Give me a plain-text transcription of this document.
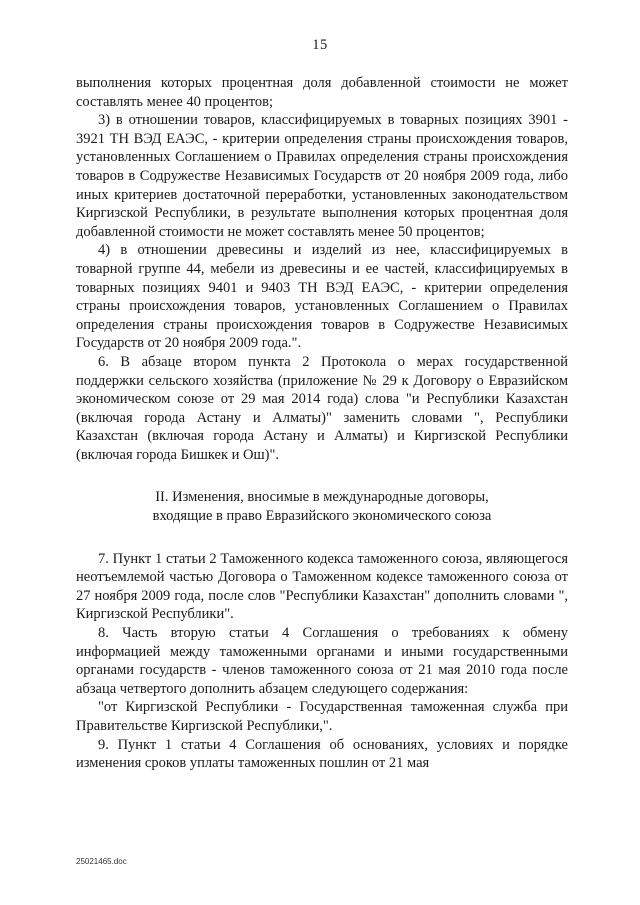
15

выполнения которых процентная доля добавленной стоимости не может составлять менее 40 процентов;

3) в отношении товаров, классифицируемых в товарных позициях 3901 - 3921 ТН ВЭД ЕАЭС, - критерии определения страны происхождения товаров, установленных Соглашением о Правилах определения страны происхождения товаров в Содружестве Независимых Государств от 20 ноября 2009 года, либо иных критериев достаточной переработки, установленных законодательством Киргизской Республики, в результате выполнения которых процентная доля добавленной стоимости не может составлять менее 50 процентов;

4) в отношении древесины и изделий из нее, классифицируемых в товарной группе 44, мебели из древесины и ее частей, классифицируемых в товарных позициях 9401 и 9403 ТН ВЭД ЕАЭС, - критерии определения страны происхождения товаров, установленных Соглашением о Правилах определения страны происхождения товаров в Содружестве Независимых Государств от 20 ноября 2009 года.".

6. В абзаце втором пункта 2 Протокола о мерах государственной поддержки сельского хозяйства (приложение № 29 к Договору о Евразийском экономическом союзе от 29 мая 2014 года) слова "и Республики Казахстан (включая города Астану и Алматы)" заменить словами ", Республики Казахстан (включая города Астану и Алматы) и Киргизской Республики (включая города Бишкек и Ош)".

II. Изменения, вносимые в международные договоры,
входящие в право Евразийского экономического союза

7. Пункт 1 статьи 2 Таможенного кодекса таможенного союза, являющегося неотъемлемой частью Договора о Таможенном кодексе таможенного союза от 27 ноября 2009 года, после слов "Республики Казахстан" дополнить словами ", Киргизской Республики".

8. Часть вторую статьи 4 Соглашения о требованиях к обмену информацией между таможенными органами и иными государственными органами государств - членов таможенного союза от 21 мая 2010 года после абзаца четвертого дополнить абзацем следующего содержания:

"от Киргизской Республики - Государственная таможенная служба при Правительстве Киргизской Республики,".

9. Пункт 1 статьи 4 Соглашения об основаниях, условиях и порядке изменения сроков уплаты таможенных пошлин от 21 мая

25021465.doc
